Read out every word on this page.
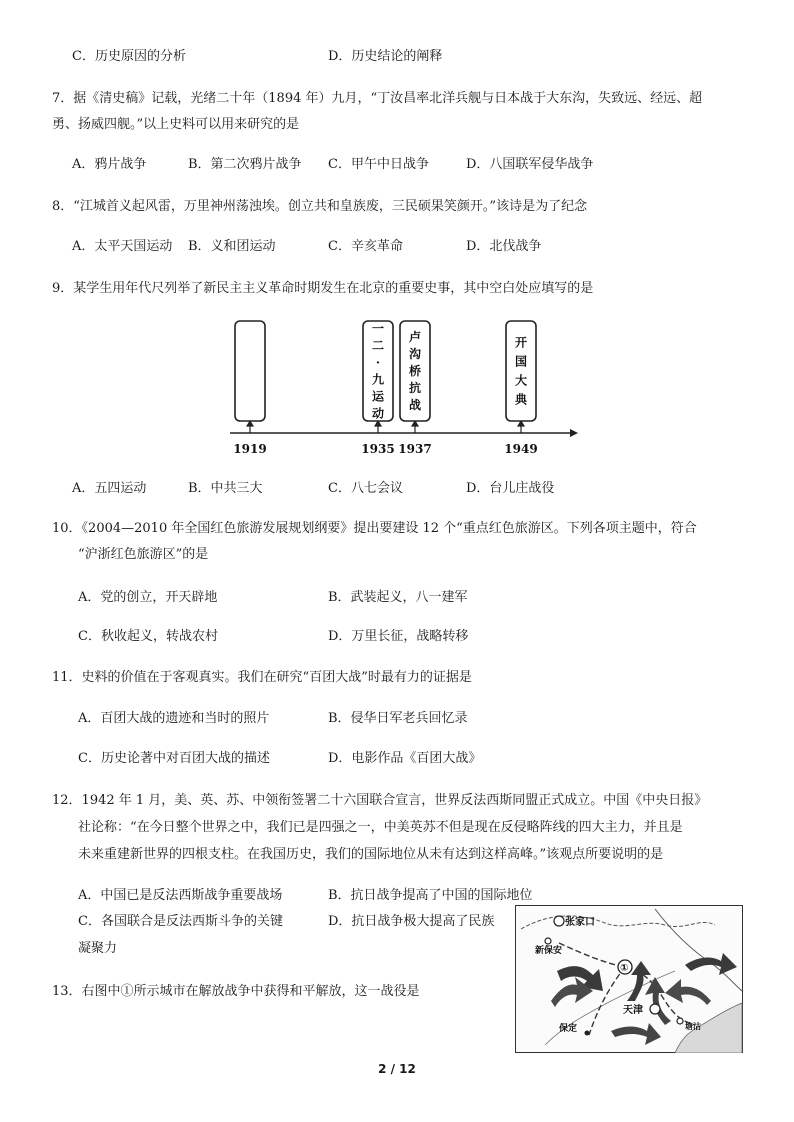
C．历史原因的分析	D．历史结论的阐释
7．据《清史稿》记载，光绪二十年（1894 年）九月，“丁汝昌率北洋兵舰与日本战于大东沟，失致远、经远、超
勇、扬威四舰。”以上史料可以用来研究的是
A．鸦片战争	B．第二次鸦片战争 C．甲午中日战争	D．八国联军侵华战争
8．“江城首义起风雷，万里神州荡浊埃。创立共和皇族废，三民硕果笑颜开。”该诗是为了纪念
A．太平天国运动 B．义和团运动	C．辛亥革命	D．北伐战争
9．某学生用年代尺列举了新民主主义革命时期发生在北京的重要史事，其中空白处应填写的是
一二·九运动
卢沟桥抗战
开国大典
1919	1935 1937	1949
A．五四运动	B．中共三大	C．八七会议	D．台儿庄战役
10．《2004—2010 年全国红色旅游发展规划纲要》提出要建设 12 个“重点红色旅游区。下列各项主题中，符合
“沪浙红色旅游区”的是
A．党的创立，开天辟地	B．武装起义，八一建军
C．秋收起义，转战农村	D．万里长征，战略转移
11．史料的价值在于客观真实。我们在研究“百团大战”时最有力的证据是
A．百团大战的遗迹和当时的照片	B．侵华日军老兵回忆录
C．历史论著中对百团大战的描述	D．电影作品《百团大战》
12．1942 年 1 月，美、英、苏、中领衔签署二十六国联合宣言，世界反法西斯同盟正式成立。中国《中央日报》
社论称：“在今日整个世界之中，我们已是四强之一，中美英苏不但是现在反侵略阵线的四大主力，并且是
未来重建新世界的四根支柱。在我国历史，我们的国际地位从未有达到这样高峰。”该观点所要说明的是
A．中国已是反法西斯战争重要战场	B．抗日战争提高了中国的国际地位
C．各国联合是反法西斯斗争的关键	D．抗日战争极大提高了民族
凝聚力
13．右图中①所示城市在解放战争中获得和平解放，这一战役是
张家口
新保安
保定
天津
塘沽
①
2 / 12
